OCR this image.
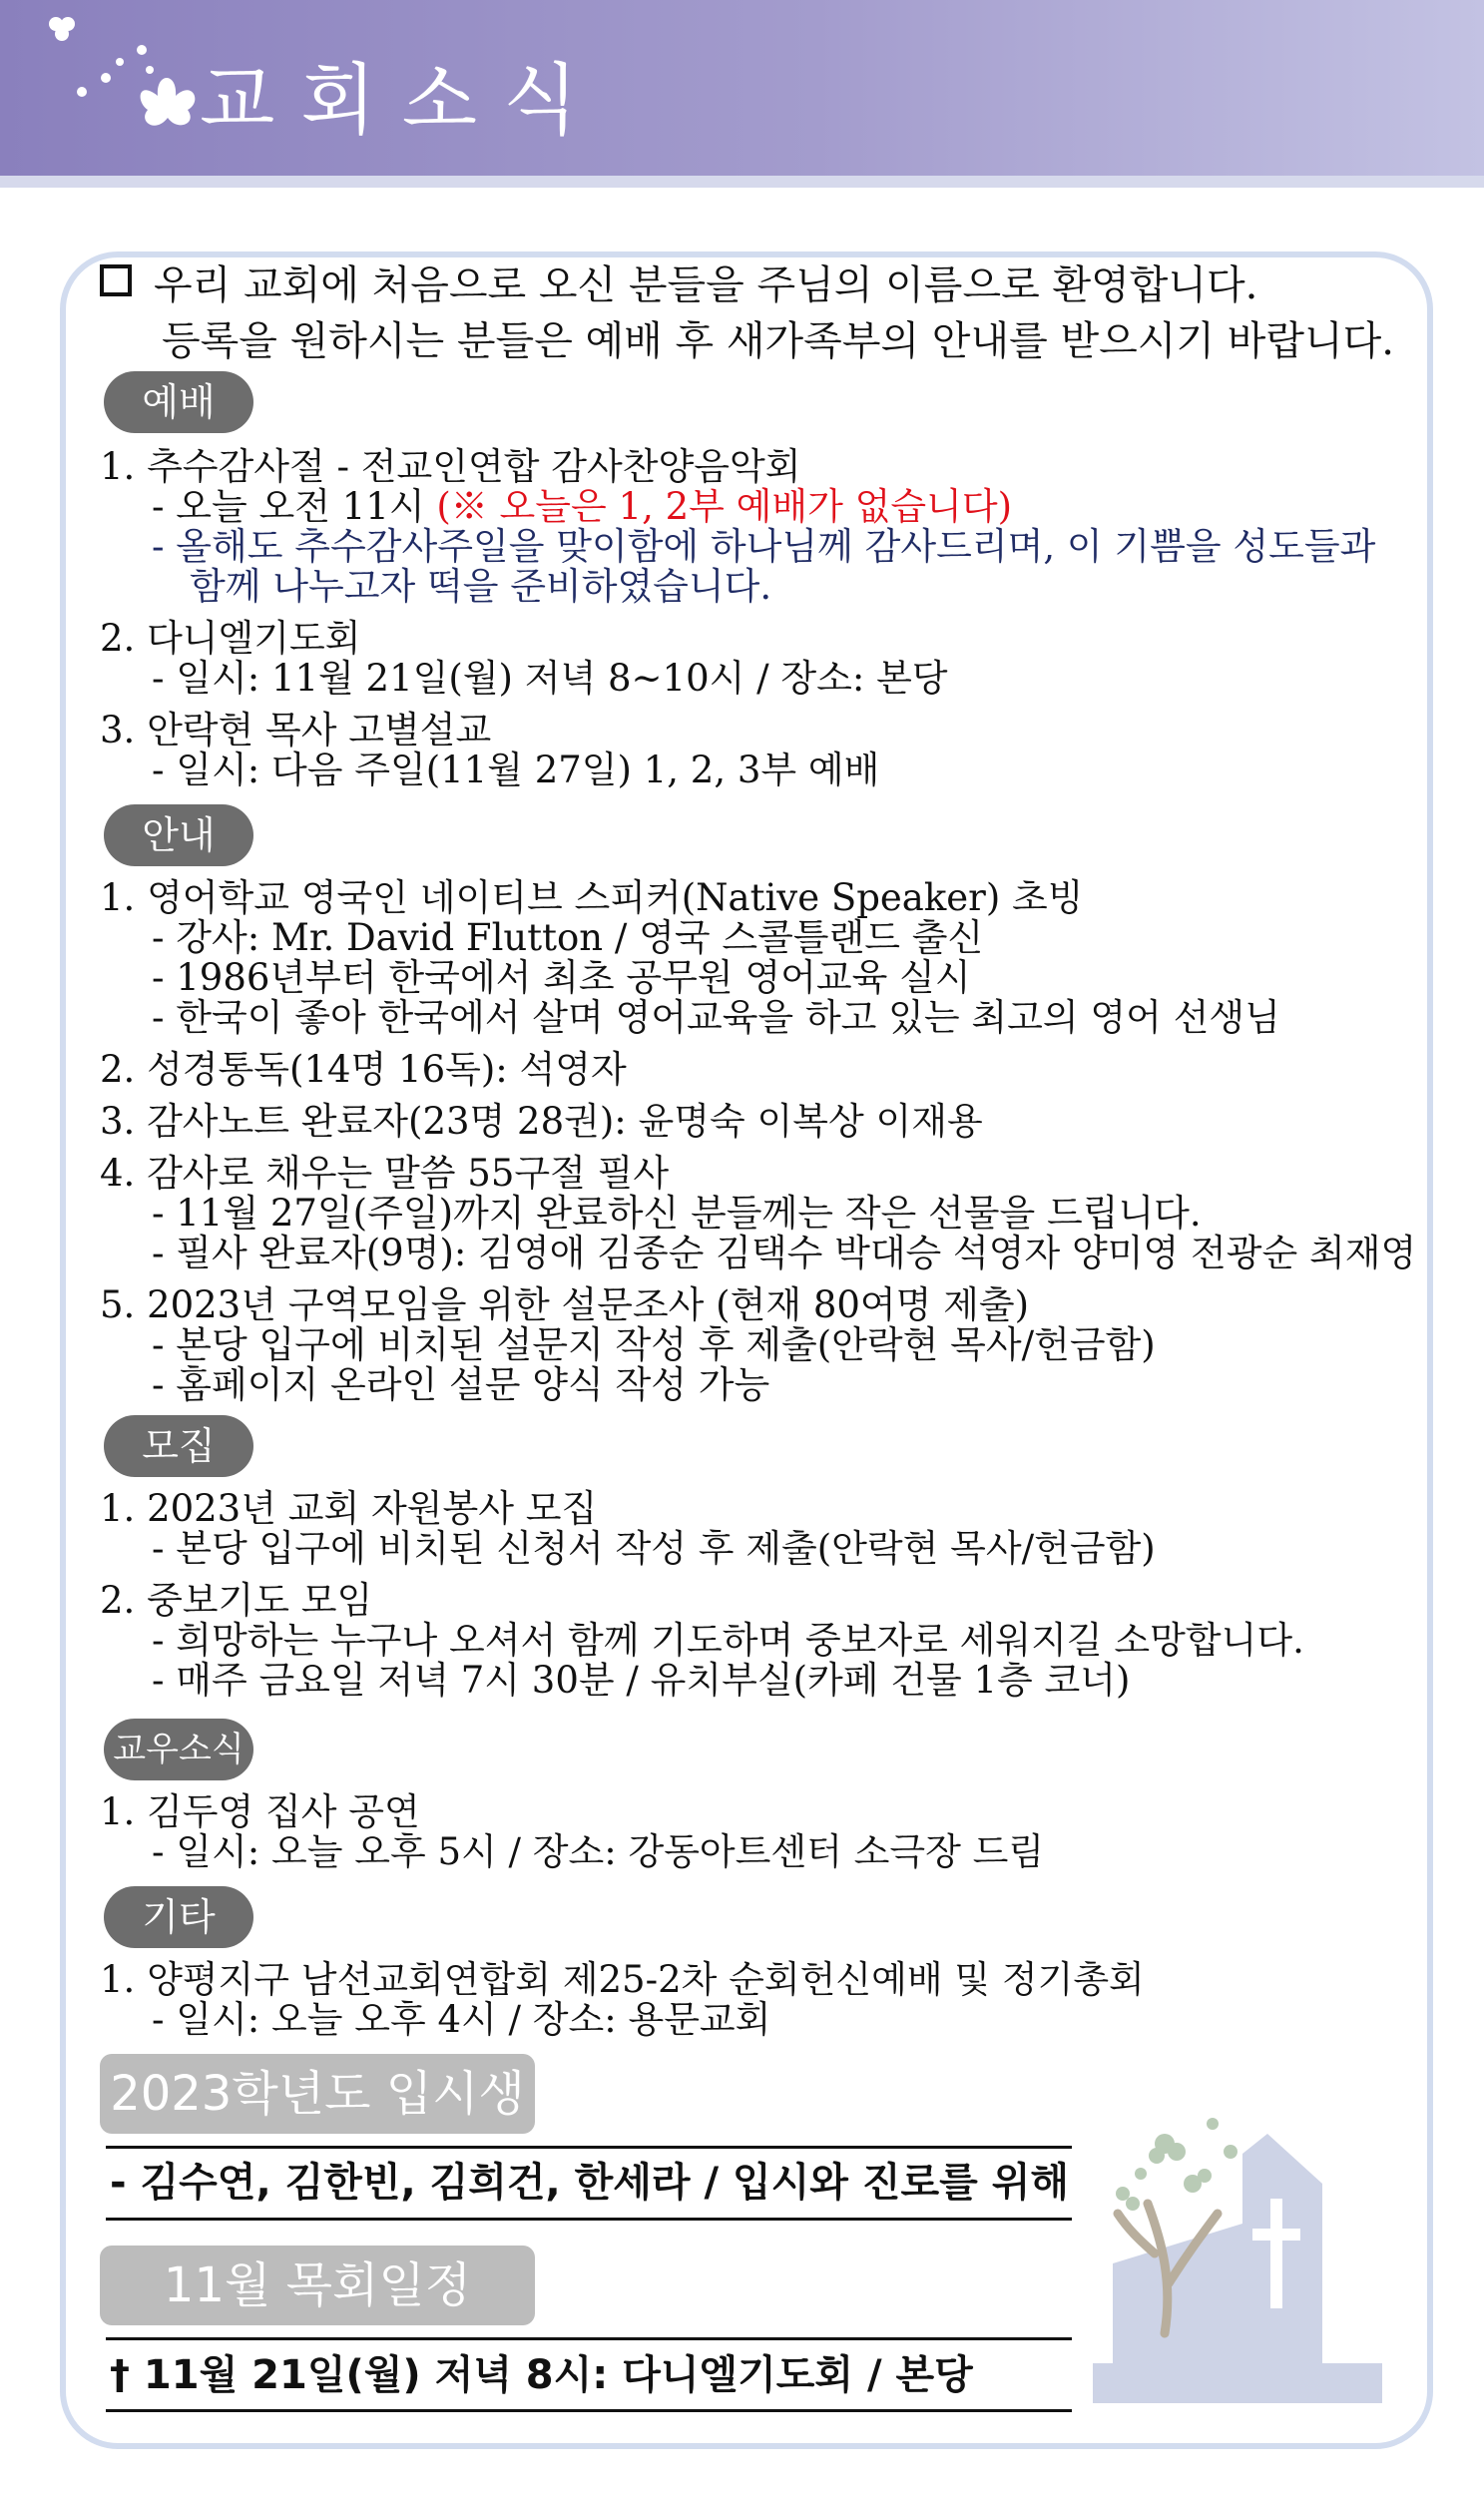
교회소식
우리 교회에 처음으로 오신 분들을 주님의 이름으로 환영합니다.
등록을 원하시는 분들은 예배 후 새가족부의 안내를 받으시기 바랍니다.
예배
1. 추수감사절 - 전교인연합 감사찬양음악회
- 오늘 오전 11시 (※ 오늘은 1, 2부 예배가 없습니다)
- 올해도 추수감사주일을 맞이함에 하나님께 감사드리며, 이 기쁨을 성도들과
함께 나누고자 떡을 준비하였습니다.
2. 다니엘기도회
- 일시: 11월 21일(월) 저녁 8~10시 / 장소: 본당
3. 안락현 목사 고별설교
- 일시: 다음 주일(11월 27일) 1, 2, 3부 예배
안내
1. 영어학교 영국인 네이티브 스피커(Native Speaker) 초빙
- 강사: Mr. David Flutton / 영국 스콜틀랜드 출신
- 1986년부터 한국에서 최초 공무원 영어교육 실시
- 한국이 좋아 한국에서 살며 영어교육을 하고 있는 최고의 영어 선생님
2. 성경통독(14명 16독): 석영자
3. 감사노트 완료자(23명 28권): 윤명숙 이복상 이재용
4. 감사로 채우는 말씀 55구절 필사
- 11월 27일(주일)까지 완료하신 분들께는 작은 선물을 드립니다.
- 필사 완료자(9명): 김영애 김종순 김택수 박대승 석영자 양미영 전광순 최재영
5. 2023년 구역모임을 위한 설문조사 (현재 80여명 제출)
- 본당 입구에 비치된 설문지 작성 후 제출(안락현 목사/헌금함)
- 홈페이지 온라인 설문 양식 작성 가능
모집
1. 2023년 교회 자원봉사 모집
- 본당 입구에 비치된 신청서 작성 후 제출(안락현 목사/헌금함)
2. 중보기도 모임
- 희망하는 누구나 오셔서 함께 기도하며 중보자로 세워지길 소망합니다.
- 매주 금요일 저녁 7시 30분 / 유치부실(카페 건물 1층 코너)
교우소식
1. 김두영 집사 공연
- 일시: 오늘 오후 5시 / 장소: 강동아트센터 소극장 드림
기타
1. 양평지구 남선교회연합회 제25-2차 순회헌신예배 및 정기총회
- 일시: 오늘 오후 4시 / 장소: 용문교회
2023학년도 입시생
- 김수연, 김한빈, 김희건, 한세라 / 입시와 진로를 위해
11월 목회일정
† 11월 21일(월) 저녁 8시: 다니엘기도회 / 본당
